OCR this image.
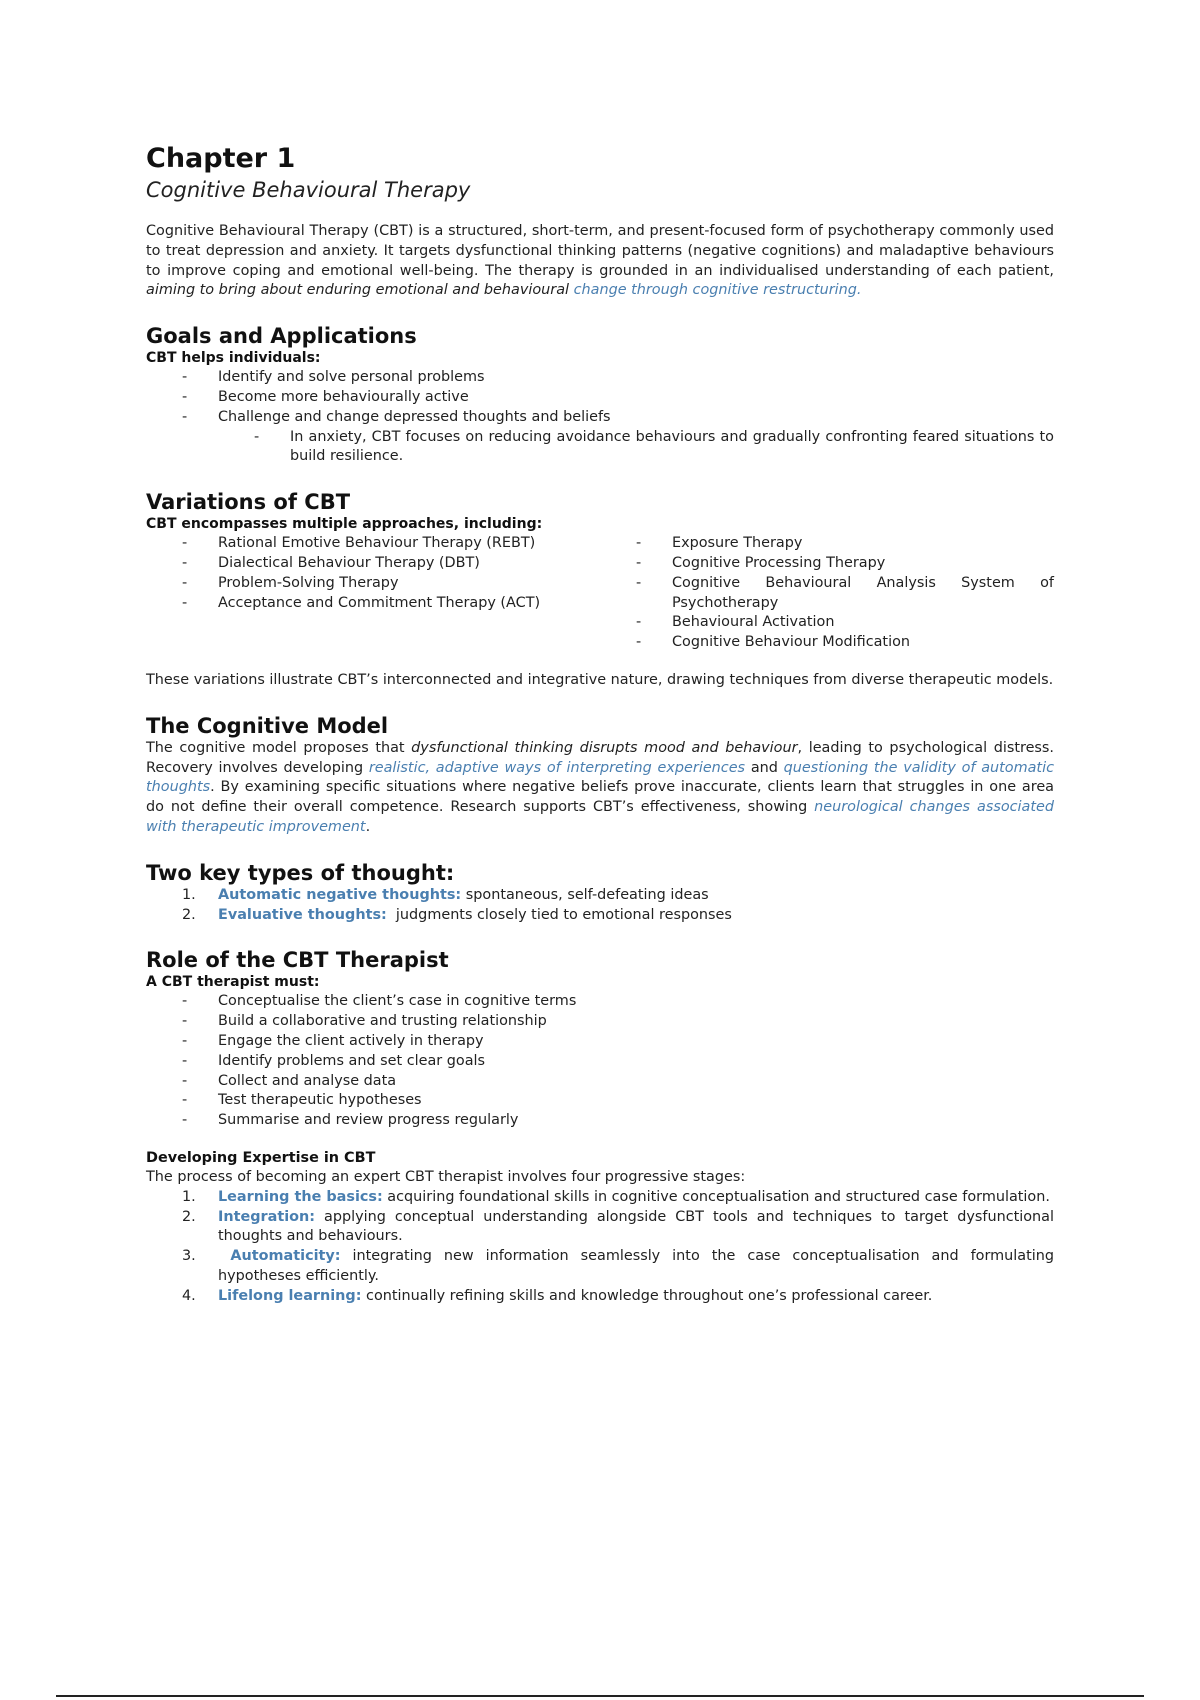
Chapter 1
Cognitive Behavioural Therapy

Cognitive Behavioural Therapy (CBT) is a structured, short-term, and present-focused form of psychotherapy commonly used to treat depression and anxiety. It targets dysfunctional thinking patterns (negative cognitions) and maladaptive behaviours to improve coping and emotional well-being. The therapy is grounded in an individualised understanding of each patient, aiming to bring about enduring emotional and behavioural change through cognitive restructuring.

Goals and Applications
CBT helps individuals:
- Identify and solve personal problems
- Become more behaviourally active
- Challenge and change depressed thoughts and beliefs
- In anxiety, CBT focuses on reducing avoidance behaviours and gradually confronting feared situations to build resilience.
Variations of CBT
CBT encompasses multiple approaches, including:
- Rational Emotive Behaviour Therapy (REBT)
- Dialectical Behaviour Therapy (DBT)
- Problem-Solving Therapy
- Acceptance and Commitment Therapy (ACT)
- Exposure Therapy
- Cognitive Processing Therapy
- Cognitive Behavioural Analysis System of Psychotherapy
- Behavioural Activation
- Cognitive Behaviour Modification

These variations illustrate CBT’s interconnected and integrative nature, drawing techniques from diverse therapeutic models.

The Cognitive Model

The cognitive model proposes that dysfunctional thinking disrupts mood and behaviour, leading to psychological distress. Recovery involves developing realistic, adaptive ways of interpreting experiences and questioning the validity of automatic thoughts. By examining specific situations where negative beliefs prove inaccurate, clients learn that struggles in one area do not define their overall competence. Research supports CBT’s effectiveness, showing neurological changes associated with therapeutic improvement.

Two key types of thought:
1. Automatic negative thoughts: spontaneous, self-defeating ideas
2. Evaluative thoughts:  judgments closely tied to emotional responses
Role of the CBT Therapist
A CBT therapist must:
- Conceptualise the client’s case in cognitive terms
- Build a collaborative and trusting relationship
- Engage the client actively in therapy
- Identify problems and set clear goals
- Collect and analyse data
- Test therapeutic hypotheses
- Summarise and review progress regularly
Developing Expertise in CBT

The process of becoming an expert CBT therapist involves four progressive stages:

1. Learning the basics: acquiring foundational skills in cognitive conceptualisation and structured case formulation.
2. Integration: applying conceptual understanding alongside CBT tools and techniques to target dysfunctional thoughts and behaviours.
3. Automaticity: integrating new information seamlessly into the case conceptualisation and formulating hypotheses efficiently.
4. Lifelong learning: continually refining skills and knowledge throughout one’s professional career.
